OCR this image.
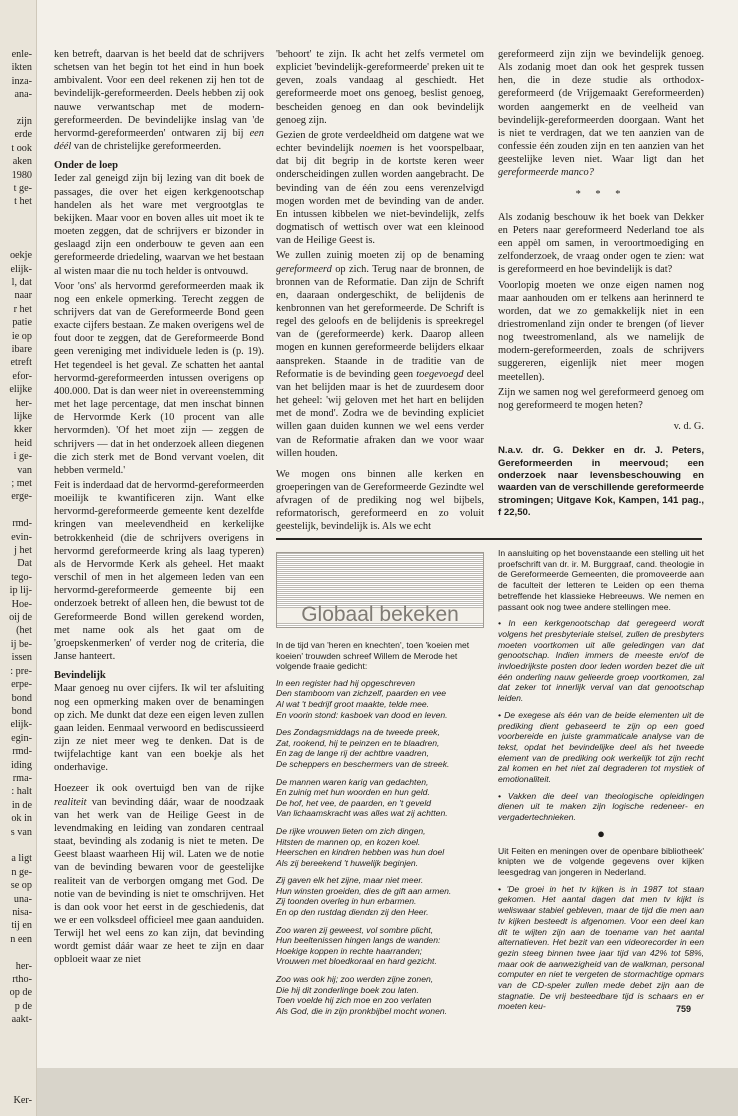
enle-
ikten
inza-
ana-

zijn
erde
t ook
aken
1980
t ge-
t het

oekje
elijk-
l, dat
naar
r het
patie
ie op
ibare
etreft
efor-
elijke
her-
lijke
kker
heid
i ge-
van
; met
erge-

rmd-
evin-
j het
Dat
tego-
ip lij-
Hoe-
oij de
(het
ij be-
issen
: pre-
erpe-
bond
bond
elijk-
egin-
rmd-
iding
rma-
: halt
in de
ok in
s van

a ligt
n ge-
se op
una-
nisa-
tij en
n een

her-
rtho-
op de
p de
aakt-

Ker-

ken betreft, daarvan is het beeld dat de schrijvers schetsen van het begin tot het eind in hun boek ambivalent. Voor een deel rekenen zij hen tot de bevindelijk-gereformeerden. Deels hebben zij ook nauwe verwantschap met de modern-gereformeerden. De bevindelijke inslag van 'de hervormd-gereformeerden' ontwaren zij bij een déél van de christelijke gereformeerden.

Onder de loep

Ieder zal geneigd zijn bij lezing van dit boek de passages, die over het eigen kerkgenootschap handelen als het ware met vergrootglas te bekijken. Maar voor en boven alles uit moet ik te moeten zeggen, dat de schrijvers er bizonder in geslaagd zijn een onderbouw te geven aan een gereformeerde driedeling, waarvan we het bestaan al wisten maar die nu toch helder is ontvouwd.

Voor 'ons' als hervormd gereformeerden maak ik nog een enkele opmerking. Terecht zeggen de schrijvers dat van de Gereformeerde Bond geen exacte cijfers bestaan. Ze maken overigens wel de fout door te zeggen, dat de Gereformeerde Bond geen vereniging met individuele leden is (p. 19). Het tegendeel is het geval. Ze schatten het aantal hervormd-gereformeerden intussen overigens op 400.000. Dat is dan weer niet in overeenstemming met het lage percentage, dat men inschat binnen de Hervormde Kerk (10 procent van alle hervormden). 'Of het moet zijn — zeggen de schrijvers — dat in het onderzoek alleen diegenen die zich sterk met de Bond vervant voelen, dit hebben vermeld.'

Feit is inderdaad dat de hervormd-gereformeerden moeilijk te kwantificeren zijn. Want elke hervormd-gereformeerde gemeente kent dezelfde kringen van meelevendheid en kerkelijke betrokkenheid (die de schrijvers overigens in hervormd gereformeerde kring als laag typeren) als de Hervormde Kerk als geheel. Het maakt verschil of men in het algemeen leden van een hervormd-gereformeerde gemeente bij een onderzoek betrekt of alleen hen, die bewust tot de Gereformeerde Bond willen gerekend worden, met name ook als het gaat om de 'groepskenmerken' of verder nog de criteria, die Janse hanteert.

Bevindelijk

Maar genoeg nu over cijfers. Ik wil ter afsluiting nog een opmerking maken over de benamingen op zich. Me dunkt dat deze een eigen leven zullen gaan leiden. Eenmaal verwoord en bediscussieerd zijn ze niet meer weg te denken. Dat is de twijfelachtige kant van een boekje als het onderhavige.

Hoezeer ik ook overtuigd ben van de rijke realiteit van bevinding dáár, waar de noodzaak van het werk van de Heilige Geest in de levendmaking en leiding van zondaren centraal staat, bevinding als zodanig is niet te meten. De Geest blaast waarheen Hij wil. Laten we de notie van de bevinding bewaren voor de geestelijke realiteit van de verborgen omgang met God. De notie van de bevinding is niet te omschrijven. Het is dan ook voor het eerst in de geschiedenis, dat we er een volksdeel officieel mee gaan aanduiden. Terwijl het wel eens zo kan zijn, dat bevinding wordt gemist dáár waar ze heet te zijn en daar opbloeit waar ze niet

'behoort' te zijn. Ik acht het zelfs vermetel om expliciet 'bevindelijk-gereformeerde' preken uit te geven, zoals vandaag al geschiedt. Het gereformeerde moet ons genoeg, beslist genoeg, bescheiden genoeg en dan ook bevindelijk genoeg zijn.

Gezien de grote verdeeldheid om datgene wat we echter bevindelijk noemen is het voorspelbaar, dat bij dit begrip in de kortste keren weer onderscheidingen zullen worden aangebracht. De bevinding van de één zou eens verenzelvigd mogen worden met de bevinding van de ander. En intussen kibbelen we niet-bevindelijk, zelfs dogmatisch of wettisch over wat een kleinood van de Heilige Geest is.

We zullen zuinig moeten zij op de benaming gereformeerd op zich. Terug naar de bronnen, de bronnen van de Reformatie. Dan zijn de Schrift en, daaraan ondergeschikt, de belijdenis de kenbronnen van het gereformeerde. De Schrift is regel des geloofs en de belijdenis is spreekregel van de (gereformeerde) kerk. Daarop alleen mogen en kunnen gereformeerde belijders elkaar aanspreken. Staande in de traditie van de Reformatie is de bevinding geen toegevoegd deel van het belijden maar is het de zuurdesem door het geheel: 'wij geloven met het hart en belijden met de mond'. Zodra we de bevinding expliciet willen gaan duiden kunnen we wel eens verder van de Reformatie afraken dan we voor waar willen houden.

We mogen ons binnen alle kerken en groeperingen van de Gereformeerde Gezindte wel afvragen of de prediking nog wel bijbels, reformatorisch, gereformeerd en zo voluit geestelijk, bevindelijk is. Als we echt

gereformeerd zijn zijn we bevindelijk genoeg. Als zodanig moet dan ook het gesprek tussen hen, die in deze studie als orthodox-gereformeerd (de Vrijgemaakt Gereformeerden) worden aangemerkt en de veelheid van bevindelijk-gereformeerden doorgaan. Want het is niet te verdragen, dat we ten aanzien van de confessie één zouden zijn en ten aanzien van het geestelijke leven niet. Waar ligt dan het gereformeerde manco?

* * *

Als zodanig beschouw ik het boek van Dekker en Peters naar gereformeerd Nederland toe als een appèl om samen, in veroortmoediging en zelfonderzoek, de vraag onder ogen te zien: wat is gereformeerd en hoe bevindelijk is dat?

Voorlopig moeten we onze eigen namen nog maar aanhouden om er telkens aan herinnerd te worden, dat we zo gemakkelijk niet in een driestromenland zijn onder te brengen (of liever nog tweestromenland, als we namelijk de modern-gereformeerden, zoals de schrijvers suggereren, eigenlijk niet meer mogen meetellen).

Zijn we samen nog wel gereformeerd genoeg om nog gereformeerd te mogen heten?

v. d. G.

N.a.v. dr. G. Dekker en dr. J. Peters, Gereformeerden in meervoud; een onderzoek naar levensbeschouwing en waarden van de verschillende gereformeerde stromingen; Uitgave Kok, Kampen, 141 pag., f 22,50.

Globaal bekeken

In de tijd van 'heren en knechten', toen 'koeien met koeien' trouwden schreef Willem de Merode het volgende fraaie gedicht:

In een register had hij opgeschreven
Den stamboom van zichzelf, paarden en vee
Al wat 't bedrijf groot maakte, telde mee.
En voorin stond: kasboek van dood en leven.

Des Zondagsmiddags na de tweede preek,
Zat, rookend, hij te peinzen en te blaadren,
En zag de lange rij der achtbre vaadren,
De scheppers en beschermers van de streek.

De mannen waren karig van gedachten,
En zuinig met hun woorden en hun geld.
De hof, het vee, de paarden, en 't geveld
Van lichaamskracht was alles wat zij achtten.

De rijke vrouwen lieten om zich dingen,
Hitsten de mannen op, en kozen koel.
Heerschen en kindren hebben was hun doel
Als zij bereekend 't huwelijk beginjen.

Zij gaven elk het zijne, maar niet meer.
Hun winsten groeiden, dies de gift aan armen.
Zij toonden overleg in hun erbarmen.
En op den rustdag diendεn zij den Heer.

Zoo waren zij geweest, vol sombre plicht,
Hun beeltenissen hingen langs de wanden:
Hoekige koppen in rechte haarranden;
Vrouwen met bloedkoraal en hard gezicht.

Zoo was ook hij; zoo werden zijne zonen,
Die hij dit zonderlinge boek zou laten.
Toen voelde hij zich moe en zoo verlaten
Als God, die in zijn pronkbijbel mocht wonen.

In aansluiting op het bovenstaande een stelling uit het proefschrift van dr. ir. M. Burggraaf, cand. theologie in de Gereformeerde Gemeenten, die promoveerde aan de faculteit der letteren te Leiden op een thema betreffende het klassieke Hebreeuws. We nemen en passant ook nog twee andere stellingen mee.

• In een kerkgenootschap dat geregeerd wordt volgens het presbyteriale stelsel, zullen de presbyters moeten voortkomen uit alle geledingen van dat genootschap. Indien immers de meeste en/of de invloedrijkste posten door leden worden bezet die uit één onderling nauw gelieerde groep voortkomen, zal dat zeker tot innerlijk verval van dat genootschap leiden.

• De exegese als één van de beide elementen uit de prediking dient gebaseerd te zijn op een goed voorbereide en juiste grammaticale analyse van de tekst, opdat het bevindelijke deel als het tweede element van de prediking ook werkelijk tot zijn recht zal komen en het niet zal degraderen tot mystiek of emotionaliteit.

• Vakken die deel van theologische opleidingen dienen uit te maken zijn logische redeneer- en vergadertechnieken.

●

Uit Feiten en meningen over de openbare bibliotheek' knipten we de volgende gegevens over kijken leesgedrag van jongeren in Nederland.

• 'De groei in het tv kijken is in 1987 tot staan gekomen. Het aantal dagen dat men tv kijkt is weliswaar stabiel gebleven, maar de tijd die men aan tv kijken besteedt is afgenomen. Voor een deel kan dit te wijten zijn aan de toename van het aantal alternatieven. Het bezit van een videorecorder in een gezin steeg binnen twee jaar tijd van 42% tot 58%, maar ook de aanwezigheid van de walkman, personal computer en niet te vergeten de stormachtige opmars van de CD-speler zullen mede debet zijn aan de stagnatie. De vrij besteedbare tijd is schaars en er moeten keu-	759
